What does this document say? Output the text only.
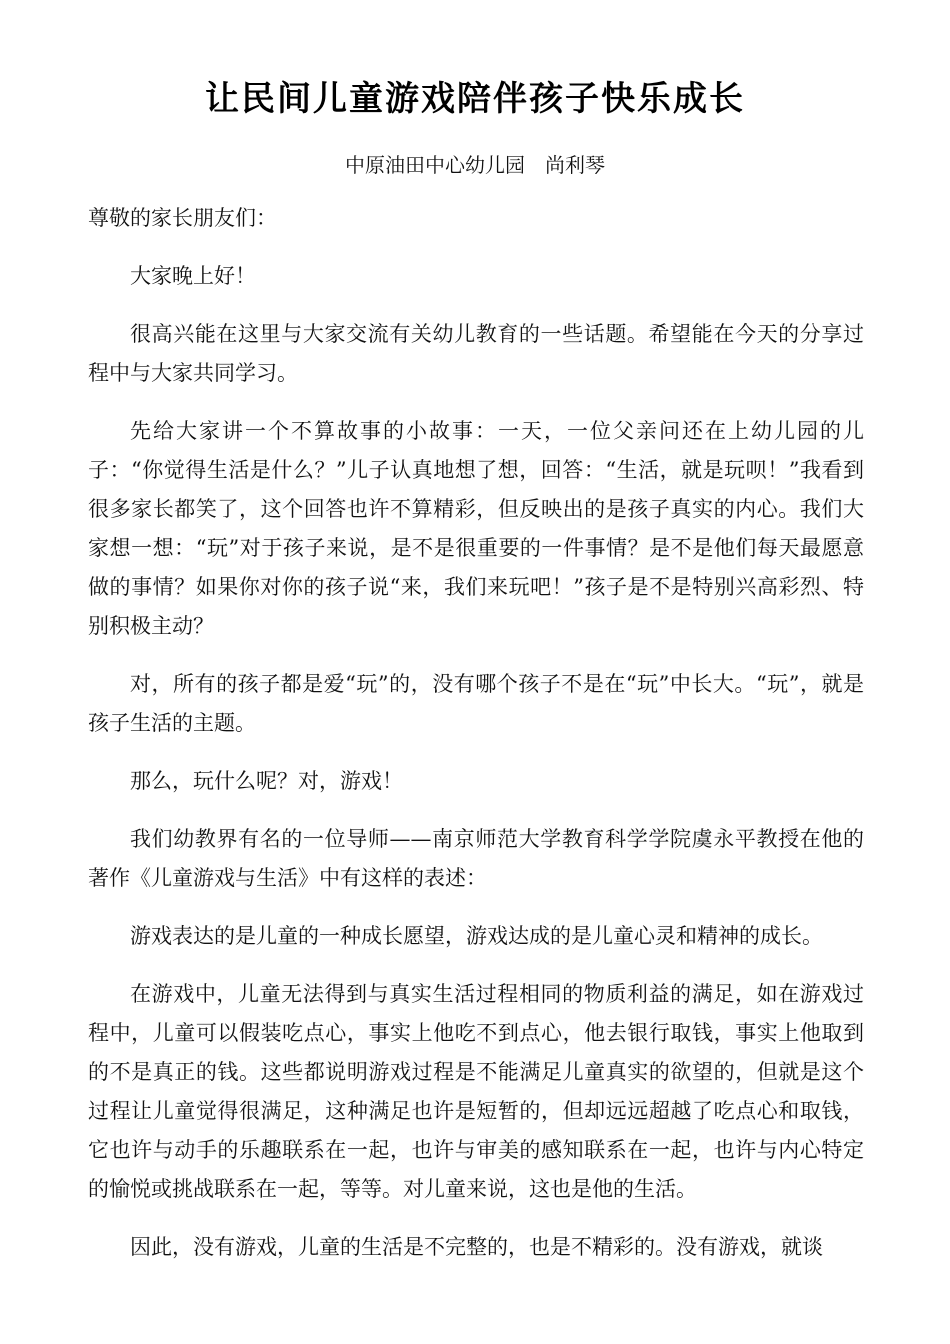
让民间儿童游戏陪伴孩子快乐成长
中原油田中心幼儿园　尚利琴

尊敬的家长朋友们：

大家晚上好！

很高兴能在这里与大家交流有关幼儿教育的一些话题。希望能在今天的分享过程中与大家共同学习。

先给大家讲一个不算故事的小故事：一天，一位父亲问还在上幼儿园的儿子：“你觉得生活是什么？”儿子认真地想了想，回答：“生活，就是玩呗！”我看到很多家长都笑了，这个回答也许不算精彩，但反映出的是孩子真实的内心。我们大家想一想：“玩”对于孩子来说，是不是很重要的一件事情？是不是他们每天最愿意做的事情？如果你对你的孩子说“来，我们来玩吧！”孩子是不是特别兴高彩烈、特别积极主动？

对，所有的孩子都是爱“玩”的，没有哪个孩子不是在“玩”中长大。“玩”，就是孩子生活的主题。

那么，玩什么呢？对，游戏！

我们幼教界有名的一位导师——南京师范大学教育科学学院虞永平教授在他的著作《儿童游戏与生活》中有这样的表述：

游戏表达的是儿童的一种成长愿望，游戏达成的是儿童心灵和精神的成长。

在游戏中，儿童无法得到与真实生活过程相同的物质利益的满足，如在游戏过程中，儿童可以假装吃点心，事实上他吃不到点心，他去银行取钱，事实上他取到的不是真正的钱。这些都说明游戏过程是不能满足儿童真实的欲望的，但就是这个过程让儿童觉得很满足，这种满足也许是短暂的，但却远远超越了吃点心和取钱，它也许与动手的乐趣联系在一起，也许与审美的感知联系在一起，也许与内心特定的愉悦或挑战联系在一起，等等。对儿童来说，这也是他的生活。

因此，没有游戏，儿童的生活是不完整的，也是不精彩的。没有游戏，就谈
